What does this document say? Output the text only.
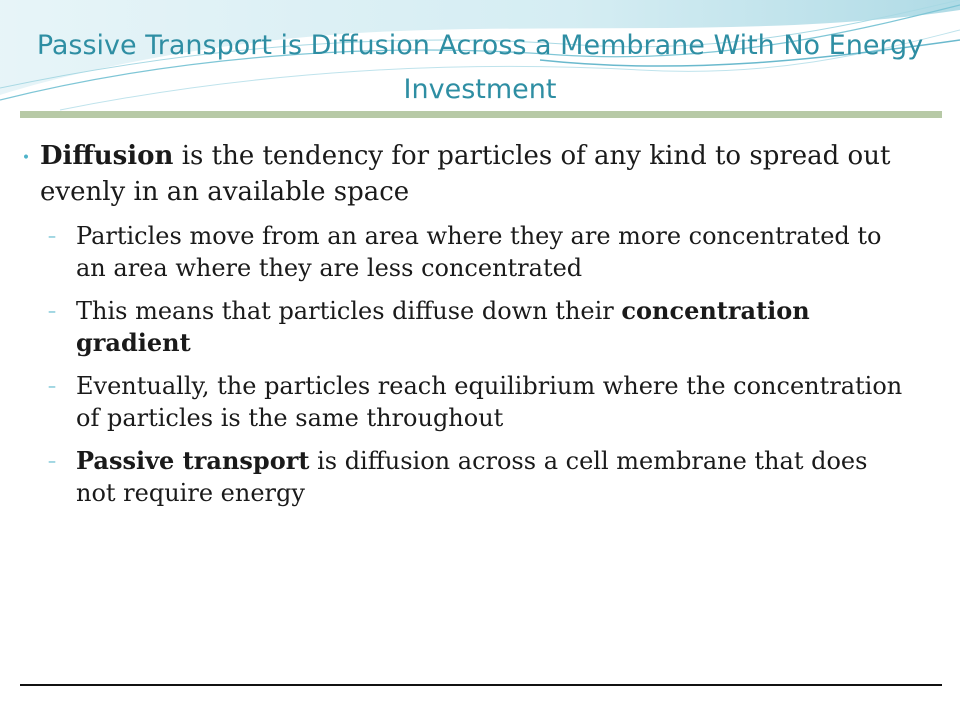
Passive Transport is Diffusion Across a Membrane With No Energy Investment
• Diffusion is the tendency for particles of any kind to spread out evenly in an available space
– Particles move from an area where they are more concentrated to an area where they are less concentrated
– This means that particles diffuse down their concentration gradient
– Eventually, the particles reach equilibrium where the concentration of particles is the same throughout
– Passive transport is diffusion across a cell membrane that does not require energy
